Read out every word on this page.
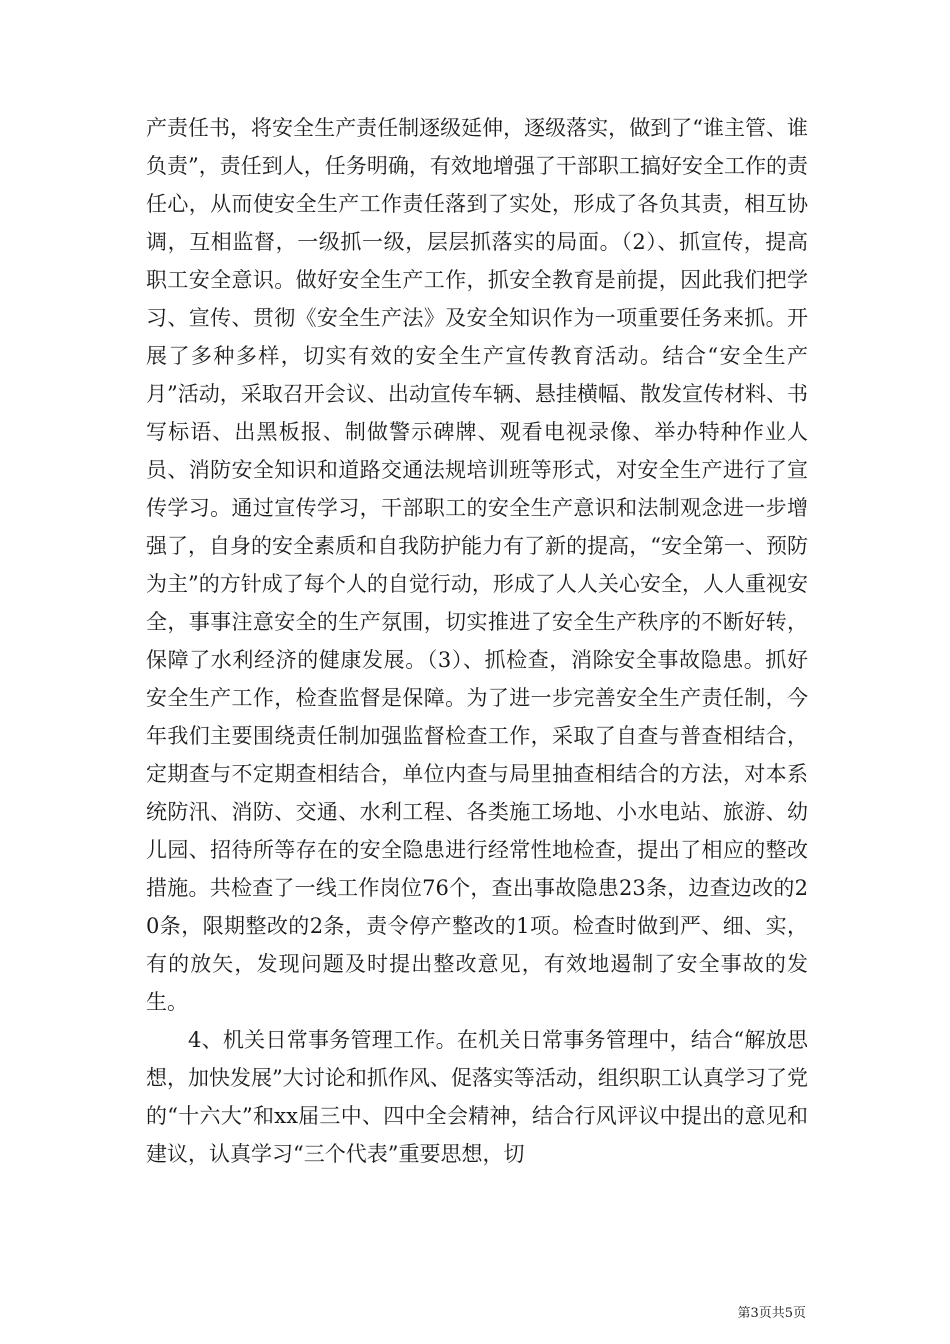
产责任书，将安全生产责任制逐级延伸，逐级落实，做到了“谁主管、谁负责”，责任到人，任务明确，有效地增强了干部职工搞好安全工作的责任心，从而使安全生产工作责任落到了实处，形成了各负其责，相互协调，互相监督，一级抓一级，层层抓落实的局面。（2）、抓宣传，提高职工安全意识。做好安全生产工作，抓安全教育是前提，因此我们把学习、宣传、贯彻《安全生产法》及安全知识作为一项重要任务来抓。开展了多种多样，切实有效的安全生产宣传教育活动。结合“安全生产月”活动，采取召开会议、出动宣传车辆、悬挂横幅、散发宣传材料、书写标语、出黑板报、制做警示碑牌、观看电视录像、举办特种作业人员、消防安全知识和道路交通法规培训班等形式，对安全生产进行了宣传学习。通过宣传学习，干部职工的安全生产意识和法制观念进一步增强了，自身的安全素质和自我防护能力有了新的提高，“安全第一、预防为主”的方针成了每个人的自觉行动，形成了人人关心安全，人人重视安全，事事注意安全的生产氛围，切实推进了安全生产秩序的不断好转，保障了水利经济的健康发展。（3）、抓检查，消除安全事故隐患。抓好安全生产工作，检查监督是保障。为了进一步完善安全生产责任制，今年我们主要围绕责任制加强监督检查工作，采取了自查与普查相结合，定期查与不定期查相结合，单位内查与局里抽查相结合的方法，对本系统防汛、消防、交通、水利工程、各类施工场地、小水电站、旅游、幼儿园、招待所等存在的安全隐患进行经常性地检查，提出了相应的整改措施。共检查了一线工作岗位76个，查出事故隐患23条，边查边改的20条，限期整改的2条，责令停产整改的1项。检查时做到严、细、实，有的放矢，发现问题及时提出整改意见，有效地遏制了安全事故的发生。

4、机关日常事务管理工作。在机关日常事务管理中，结合“解放思想，加快发展”大讨论和抓作风、促落实等活动，组织职工认真学习了党的“十六大”和xx届三中、四中全会精神，结合行风评议中提出的意见和建议，认真学习“三个代表”重要思想，切

第3页共5页
